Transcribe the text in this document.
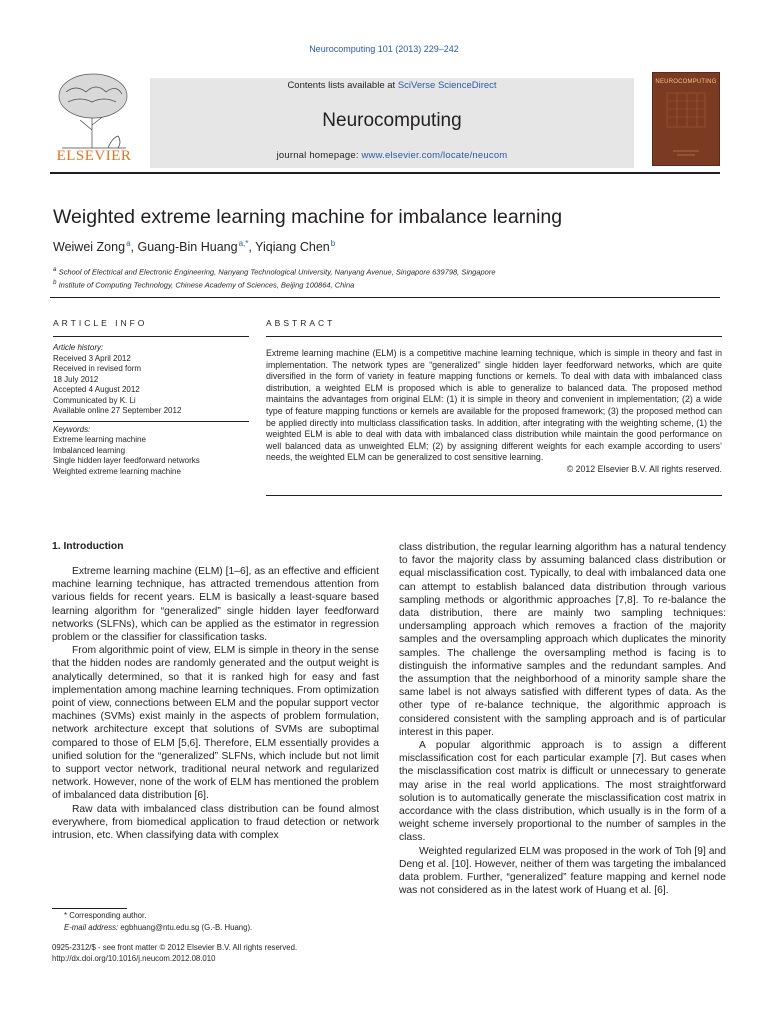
Neurocomputing 101 (2013) 229–242
ELSEVIER
Contents lists available at SciVerse ScienceDirect
Neurocomputing
journal homepage: www.elsevier.com/locate/neucom
NEUROCOMPUTING
Weighted extreme learning machine for imbalance learning
Weiwei Zong $^a$, Guang-Bin Huang $^{a,*}$, Yiqiang Chen $^b$
$^a$ School of Electrical and Electronic Engineering, Nanyang Technological University, Nanyang Avenue, Singapore 639798, Singapore
$^b$ Institute of Computing Technology, Chinese Academy of Sciences, Beijing 100864, China
ARTICLE INFO	ABSTRACT
Article history:
Received 3 April 2012
Received in revised form
18 July 2012
Accepted 4 August 2012
Communicated by K. Li
Available online 27 September 2012
Keywords:
Extreme learning machine
Imbalanced learning
Single hidden layer feedforward networks
Weighted extreme learning machine
Extreme learning machine (ELM) is a competitive machine learning technique, which is simple in theory and fast in implementation. The network types are “generalized” single hidden layer feedforward networks, which are quite diversified in the form of variety in feature mapping functions or kernels. To deal with data with imbalanced class distribution, a weighted ELM is proposed which is able to generalize to balanced data. The proposed method maintains the advantages from original ELM: (1) it is simple in theory and convenient in implementation; (2) a wide type of feature mapping functions or kernels are available for the proposed framework; (3) the proposed method can be applied directly into multiclass classification tasks. In addition, after integrating with the weighting scheme, (1) the weighted ELM is able to deal with data with imbalanced class distribution while maintain the good performance on well balanced data as unweighted ELM; (2) by assigning different weights for each example according to users’ needs, the weighted ELM can be generalized to cost sensitive learning.
© 2012 Elsevier B.V. All rights reserved.
1. Introduction

Extreme learning machine (ELM) [1–6], as an effective and efficient machine learning technique, has attracted tremendous attention from various fields for recent years. ELM is basically a least-square based learning algorithm for “generalized” single hidden layer feedforward networks (SLFNs), which can be applied as the estimator in regression problem or the classifier for classification tasks.

From algorithmic point of view, ELM is simple in theory in the sense that the hidden nodes are randomly generated and the output weight is analytically determined, so that it is ranked high for easy and fast implementation among machine learning techniques. From optimization point of view, connections between ELM and the popular support vector machines (SVMs) exist mainly in the aspects of problem formulation, network architecture except that solutions of SVMs are suboptimal compared to those of ELM [5,6]. Therefore, ELM essentially provides a unified solution for the “generalized” SLFNs, which include but not limit to support vector network, traditional neural network and regularized network. However, none of the work of ELM has mentioned the problem of imbalanced data distribution [6].

Raw data with imbalanced class distribution can be found almost everywhere, from biomedical application to fraud detection or network intrusion, etc. When classifying data with complex

class distribution, the regular learning algorithm has a natural tendency to favor the majority class by assuming balanced class distribution or equal misclassification cost. Typically, to deal with imbalanced data one can attempt to establish balanced data distribution through various sampling methods or algorithmic approaches [7,8]. To re-balance the data distribution, there are mainly two sampling techniques: undersampling approach which removes a fraction of the majority samples and the oversampling approach which duplicates the minority samples. The challenge the oversampling method is facing is to distinguish the informative samples and the redundant samples. And the assumption that the neighborhood of a minority sample share the same label is not always satisfied with different types of data. As the other type of re-balance technique, the algorithmic approach is considered consistent with the sampling approach and is of particular interest in this paper.

A popular algorithmic approach is to assign a different misclassification cost for each particular example [7]. But cases when the misclassification cost matrix is difficult or unnecessary to generate may arise in the real world applications. The most straightforward solution is to automatically generate the misclassification cost matrix in accordance with the class distribution, which usually is in the form of a weight scheme inversely proportional to the number of samples in the class.

Weighted regularized ELM was proposed in the work of Toh [9] and Deng et al. [10]. However, neither of them was targeting the imbalanced data problem. Further, “generalized” feature mapping and kernel node was not considered as in the latest work of Huang et al. [6].

* Corresponding author.
E-mail address: egbhuang@ntu.edu.sg (G.-B. Huang).
0925-2312/$ - see front matter © 2012 Elsevier B.V. All rights reserved.
http://dx.doi.org/10.1016/j.neucom.2012.08.010
